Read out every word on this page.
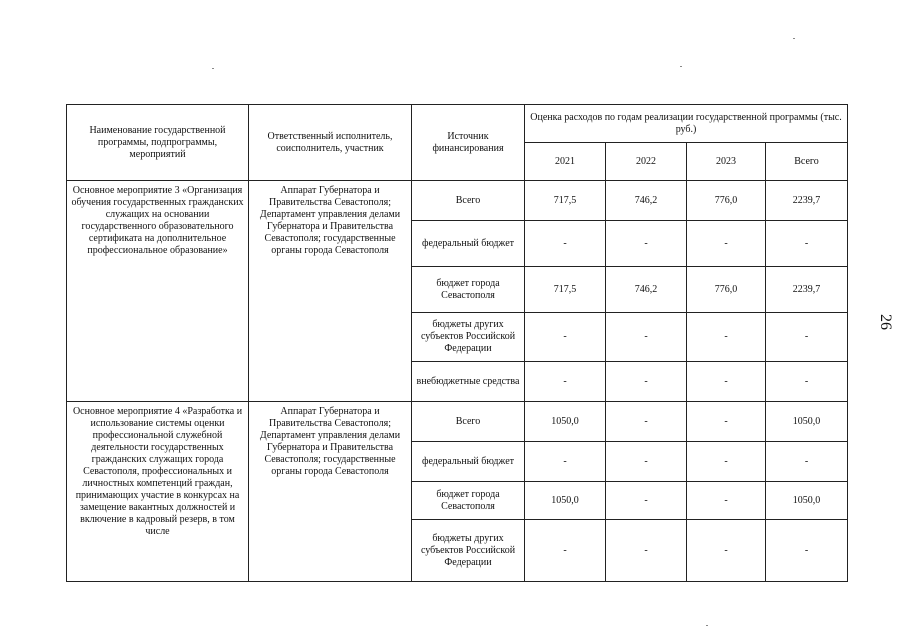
26
Наименование государственной программы, подпрограммы, мероприятий	Ответственный исполнитель, соисполнитель, участник	Источник финансирования	Оценка расходов по годам реализации государственной программы (тыс. руб.)			
			2021	2022	2023	Всего
Основное мероприятие 3 «Организация обучения государственных гражданских служащих на основании государственного образовательного сертификата на дополнительное профессиональное образование»	Аппарат Губернатора и Правительства Севастополя; Департамент управления делами Губернатора и Правительства Севастополя; государственные органы города Севастополя	Всего	717,5	746,2	776,0	2239,7
		федеральный бюджет	-	-	-	-
		бюджет города Севастополя	717,5	746,2	776,0	2239,7
		бюджеты других субъектов Российской Федерации	-	-	-	-
		внебюджетные средства	-	-	-	-
Основное мероприятие 4 «Разработка и использование системы оценки профессиональной служебной деятельности государственных гражданских служащих города Севастополя, профессиональных и личностных компетенций граждан, принимающих участие в конкурсах на замещение вакантных должностей и включение в кадровый резерв, в том числе	Аппарат Губернатора и Правительства Севастополя; Департамент управления делами Губернатора и Правительства Севастополя; государственные органы города Севастополя	Всего	1050,0	-	-	1050,0
		федеральный бюджет	-	-	-	-
		бюджет города Севастополя	1050,0	-	-	1050,0
		бюджеты других субъектов Российской Федерации	-	-	-	-
